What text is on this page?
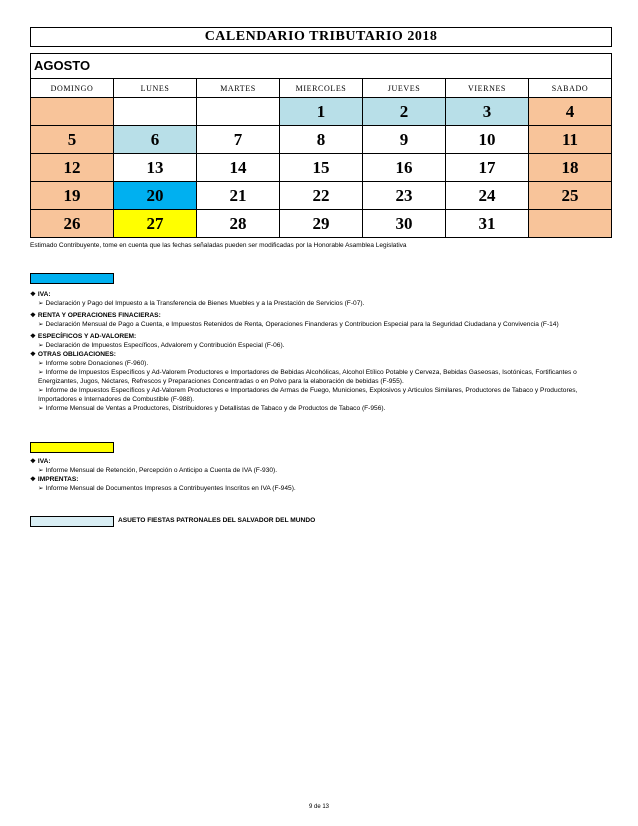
CALENDARIO TRIBUTARIO 2018
AGOSTO
DOMINGO	LUNES	MARTES	MIERCOLES	JUEVES	VIERNES	SABADO
			1	2	3	4
5	6	7	8	9	10	11
12	13	14	15	16	17	18
19	20	21	22	23	24	25
26	27	28	29	30	31	
Estimado Contribuyente, tome en cuenta que las fechas señaladas pueden ser modificadas por la Honorable Asamblea Legislativa
❖ IVA:
➢ Declaración y Pago del Impuesto a la Transferencia de Bienes Muebles y a la Prestación de Servicios (F-07).
❖ RENTA Y OPERACIONES FINACIERAS:
➢ Declaración Mensual de Pago a Cuenta, e Impuestos Retenidos de Renta, Operaciones Finanderas y Contribucion Especial para la Seguridad Ciudadana y Convivencia (F-14)
❖ ESPECÍFICOS Y AD-VALOREM:
➢ Declaración de Impuestos Específicos, Advalorem y Contribución Especial (F-06).
❖ OTRAS OBLIGACIONES:
➢ Informe sobre Donaciones (F-960).
➢ Informe de Impuestos Específicos y Ad-Valorem Productores e Importadores de Bebidas Alcohólicas, Alcohol Etílico Potable y Cerveza, Bebidas Gaseosas, Isotónicas, Fortificantes o Energizantes, Jugos, Néctares, Refrescos y Preparaciones Concentradas o en Polvo para la elaboración de bebidas (F-955).
➢ Informe de Impuestos Específicos y Ad-Valorem Productores e Importadores de Armas de Fuego, Municiones, Explosivos y Articulos Similares, Productores de Tabaco y Productores, Importadores e Internadores de Combustible (F-988).
➢ Informe Mensual de Ventas a Productores, Distribuidores y Detallistas de Tabaco y de Productos de Tabaco (F-956).
❖ IVA:
➢ Informe Mensual de Retención, Percepción o Anticipo a Cuenta de IVA (F-930).
❖ IMPRENTAS:
➢ Informe Mensual de Documentos Impresos a Contribuyentes Inscritos en IVA (F-945).
ASUETO FIESTAS PATRONALES DEL SALVADOR DEL MUNDO
9 de 13
